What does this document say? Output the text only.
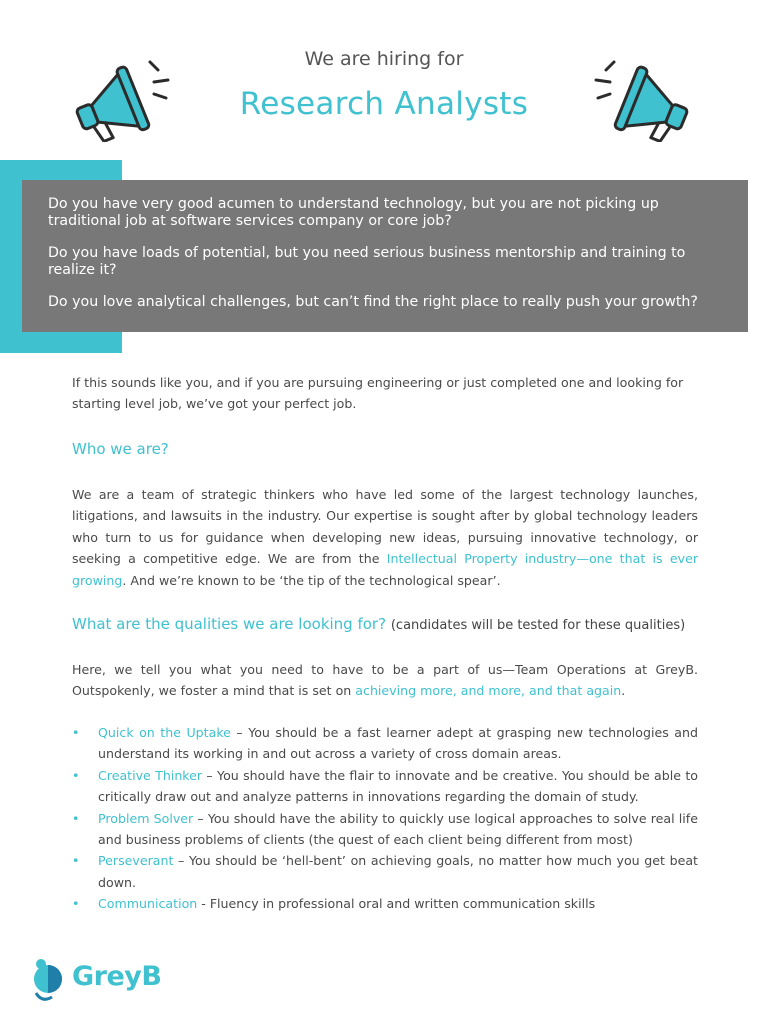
We are hiring for
Research Analysts

Do you have very good acumen to understand technology, but you are not picking up traditional job at software services company or core job?

Do you have loads of potential, but you need serious business mentorship and training to realize it?

Do you love analytical challenges, but can’t find the right place to really push your growth?

If this sounds like you, and if you are pursuing engineering or just completed one and looking for starting level job, we’ve got your perfect job.

Who we are?

We are a team of strategic thinkers who have led some of the largest technology launches, litigations, and lawsuits in the industry. Our expertise is sought after by global technology leaders who turn to us for guidance when developing new ideas, pursuing innovative technology, or seeking a competitive edge. We are from the Intellectual Property industry—one that is ever growing. And we’re known to be ‘the tip of the technological spear’.

What are the qualities we are looking for? (candidates will be tested for these qualities)

Here, we tell you what you need to have to be a part of us—Team Operations at GreyB. Outspokenly, we foster a mind that is set on achieving more, and more, and that again.

• Quick on the Uptake – You should be a fast learner adept at grasping new technologies and understand its working in and out across a variety of cross domain areas.
• Creative Thinker – You should have the flair to innovate and be creative. You should be able to critically draw out and analyze patterns in innovations regarding the domain of study.
• Problem Solver – You should have the ability to quickly use logical approaches to solve real life and business problems of clients (the quest of each client being different from most)
• Perseverant – You should be ‘hell-bent’ on achieving goals, no matter how much you get beat down.
• Communication - Fluency in professional oral and written communication skills
GreyB
